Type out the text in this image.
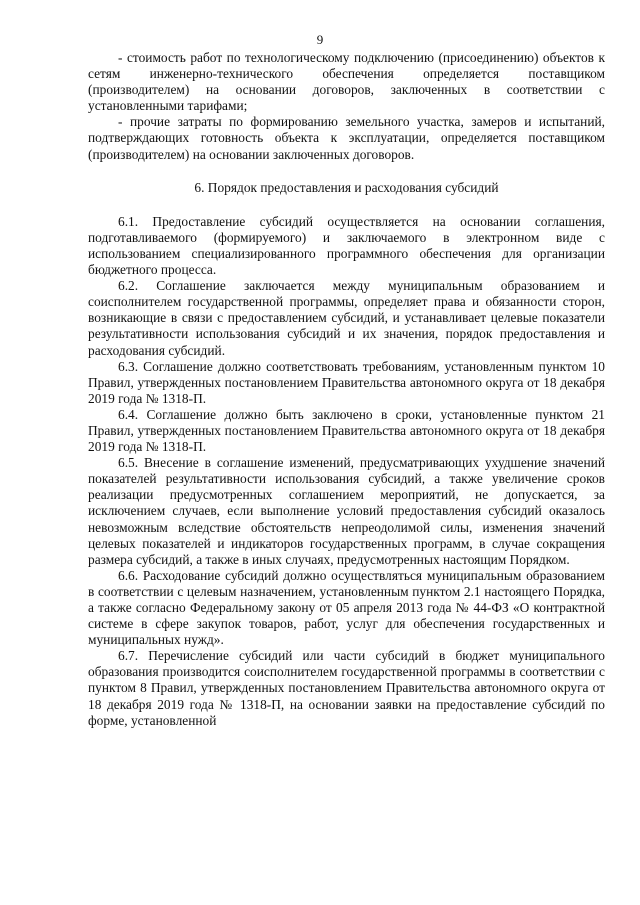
9

- стоимость работ по технологическому подключению (присоединению) объектов к сетям инженерно-технического обеспечения определяется поставщиком (производителем) на основании договоров, заключенных в соответствии с установленными тарифами;

- прочие затраты по формированию земельного участка, замеров и испытаний, подтверждающих готовность объекта к эксплуатации, определяется поставщиком (производителем) на основании заключенных договоров.

6. Порядок предоставления и расходования субсидий

6.1. Предоставление субсидий осуществляется на основании соглашения, подготавливаемого (формируемого) и заключаемого в электронном виде с использованием специализированного программного обеспечения для организации бюджетного процесса.

6.2. Соглашение заключается между муниципальным образованием и соисполнителем государственной программы, определяет права и обязанности сторон, возникающие в связи с предоставлением субсидий, и устанавливает целевые показатели результативности использования субсидий и их значения, порядок предоставления и расходования субсидий.

6.3. Соглашение должно соответствовать требованиям, установленным пунктом 10 Правил, утвержденных постановлением Правительства автономного округа от 18 декабря 2019 года № 1318-П.

6.4. Соглашение должно быть заключено в сроки, установленные пунктом 21 Правил, утвержденных постановлением Правительства автономного округа от 18 декабря 2019 года № 1318-П.

6.5. Внесение в соглашение изменений, предусматривающих ухудшение значений показателей результативности использования субсидий, а также увеличение сроков реализации предусмотренных соглашением мероприятий, не допускается, за исключением случаев, если выполнение условий предоставления субсидий оказалось невозможным вследствие обстоятельств непреодолимой силы, изменения значений целевых показателей и индикаторов государственных программ, в случае сокращения размера субсидий, а также в иных случаях, предусмотренных настоящим Порядком.

6.6. Расходование субсидий должно осуществляться муниципальным образованием в соответствии с целевым назначением, установленным пунктом 2.1 настоящего Порядка, а также согласно Федеральному закону от 05 апреля 2013 года № 44-ФЗ «О контрактной системе в сфере закупок товаров, работ, услуг для обеспечения государственных и муниципальных нужд».

6.7. Перечисление субсидий или части субсидий в бюджет муниципального образования производится соисполнителем государственной программы в соответствии с пунктом 8 Правил, утвержденных постановлением Правительства автономного округа от 18 декабря 2019 года № 1318-П, на основании заявки на предоставление субсидий по форме, установленной
